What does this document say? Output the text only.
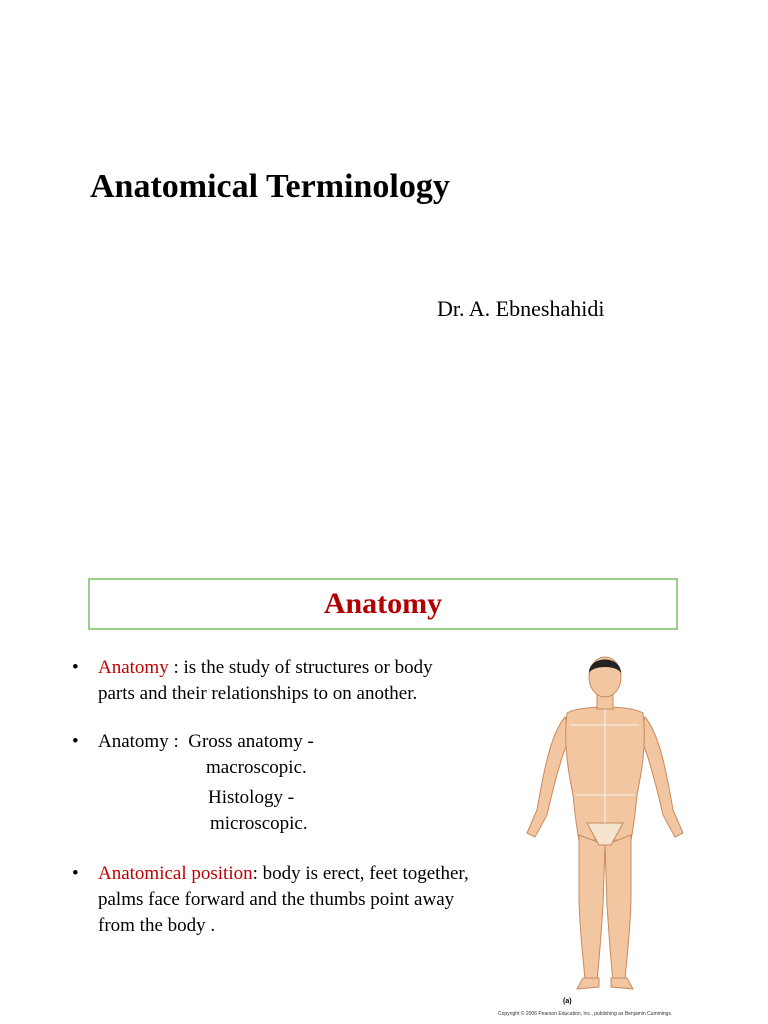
Anatomical Terminology
Dr. A. Ebneshahidi
Anatomy
• Anatomy : is the study of structures or body parts and their relationships to on another.
• Anatomy :  Gross anatomy -
macroscopic.
Histology -
microscopic.
• Anatomical position: body is erect, feet together, palms face forward and the thumbs point away from the body .
(a)
Copyright © 2006 Pearson Education, Inc., publishing as Benjamin Cummings.
